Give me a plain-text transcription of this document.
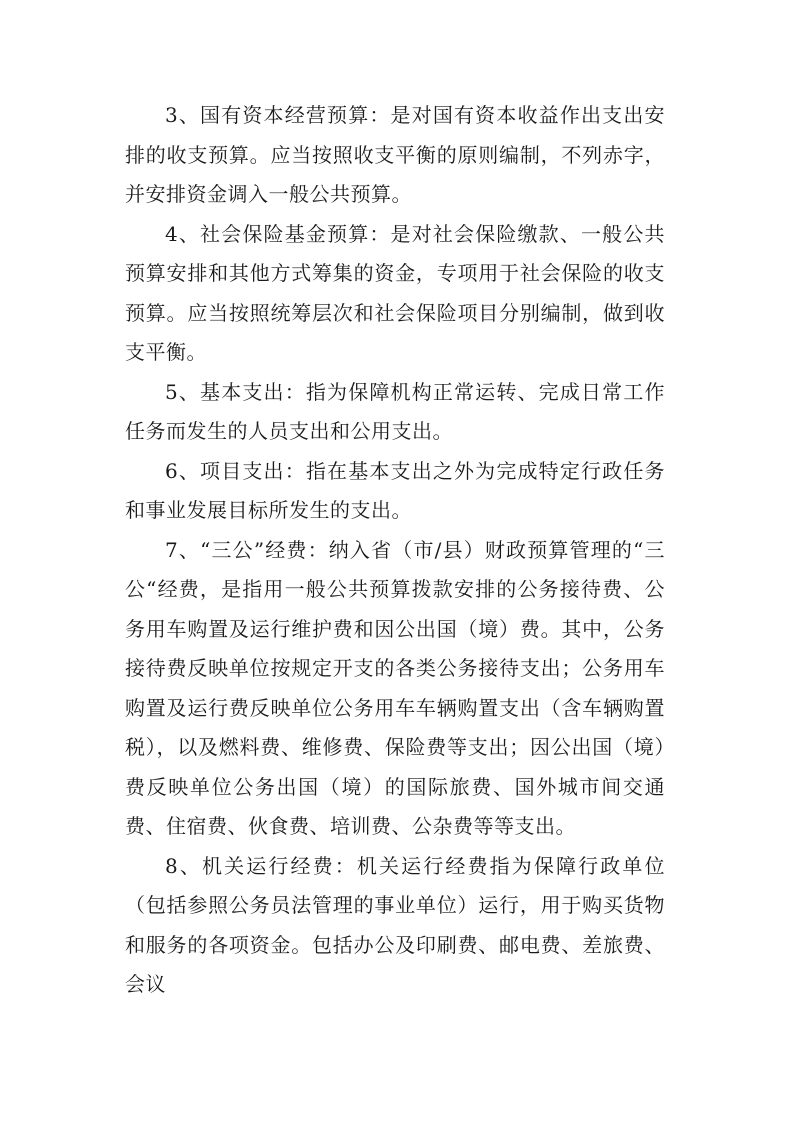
3、国有资本经营预算：是对国有资本收益作出支出安排的收支预算。应当按照收支平衡的原则编制，不列赤字，并安排资金调入一般公共预算。

4、社会保险基金预算：是对社会保险缴款、一般公共预算安排和其他方式筹集的资金，专项用于社会保险的收支预算。应当按照统筹层次和社会保险项目分别编制，做到收支平衡。

5、基本支出：指为保障机构正常运转、完成日常工作任务而发生的人员支出和公用支出。

6、项目支出：指在基本支出之外为完成特定行政任务和事业发展目标所发生的支出。

7、“三公”经费：纳入省（市/县）财政预算管理的“三公“经费，是指用一般公共预算拨款安排的公务接待费、公务用车购置及运行维护费和因公出国（境）费。其中，公务接待费反映单位按规定开支的各类公务接待支出；公务用车购置及运行费反映单位公务用车车辆购置支出（含车辆购置税），以及燃料费、维修费、保险费等支出；因公出国（境）费反映单位公务出国（境）的国际旅费、国外城市间交通费、住宿费、伙食费、培训费、公杂费等等支出。

8、机关运行经费：机关运行经费指为保障行政单位（包括参照公务员法管理的事业单位）运行，用于购买货物和服务的各项资金。包括办公及印刷费、邮电费、差旅费、会议
